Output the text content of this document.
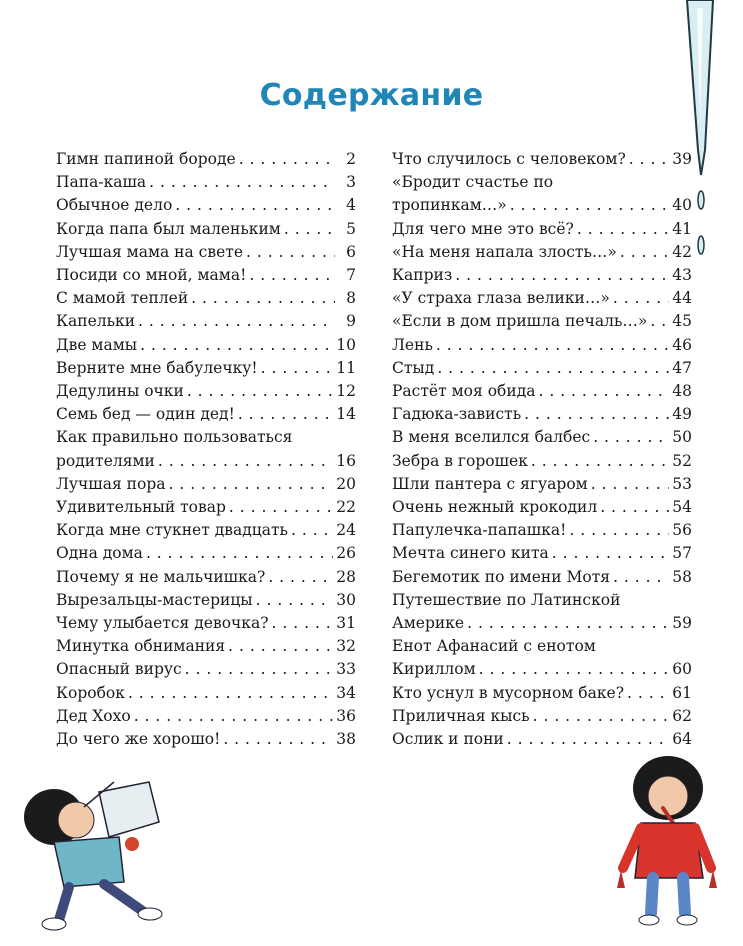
Содержание
Гимн папиной бороде . . .	2
Папа-каша . . .	3
Обычное дело . . .	4
Когда папа был маленьким . . .	5
Лучшая мама на свете . . .	6
Посиди со мной, мама! . . .	7
С мамой теплей . . .	8
Капельки . . .	9
Две мамы . . .	10
Верните мне бабулечку! . . .	11
Дедулины очки . . .	12
Семь бед — один дед! . . .	14
Как правильно пользоваться
родителями . . .	16
Лучшая пора . . .	20
Удивительный товар . . .	22
Когда мне стукнет двадцать . . .	24
Одна дома . . .	26
Почему я не мальчишка? . . .	28
Вырезальцы-мастерицы . . .	30
Чему улыбается девочка? . . .	31
Минутка обнимания . . .	32
Опасный вирус . . .	33
Коробок . . .	34
Дед Хохо . . .	36
До чего же хорошо! . . .	38
Что случилось с человеком? . . .	39
«Бродит счастье по
тропинкам…» . . .	40
Для чего мне это всё? . . .	41
«На меня напала злость…» . . .	42
Каприз . . .	43
«У страха глаза велики…» . . .	44
«Если в дом пришла печаль…» . . . 45
Лень . . .	46
Стыд . . .	47
Растёт моя обида . . .	48
Гадюка-зависть . . .	49
В меня вселился балбес . . .	50
Зебра в горошек . . .	52
Шли пантера с ягуаром . . .	53
Очень нежный крокодил . . .	54
Папулечка-папашка! . . .	56
Мечта синего кита . . .	57
Бегемотик по имени Мотя . . .	58
Путешествие по Латинской
Америке . . .	59
Енот Афанасий с енотом
Кириллом . . .	60
Кто уснул в мусорном баке? . . .	61
Приличная кысь . . .	62
Ослик и пони . . .	64
